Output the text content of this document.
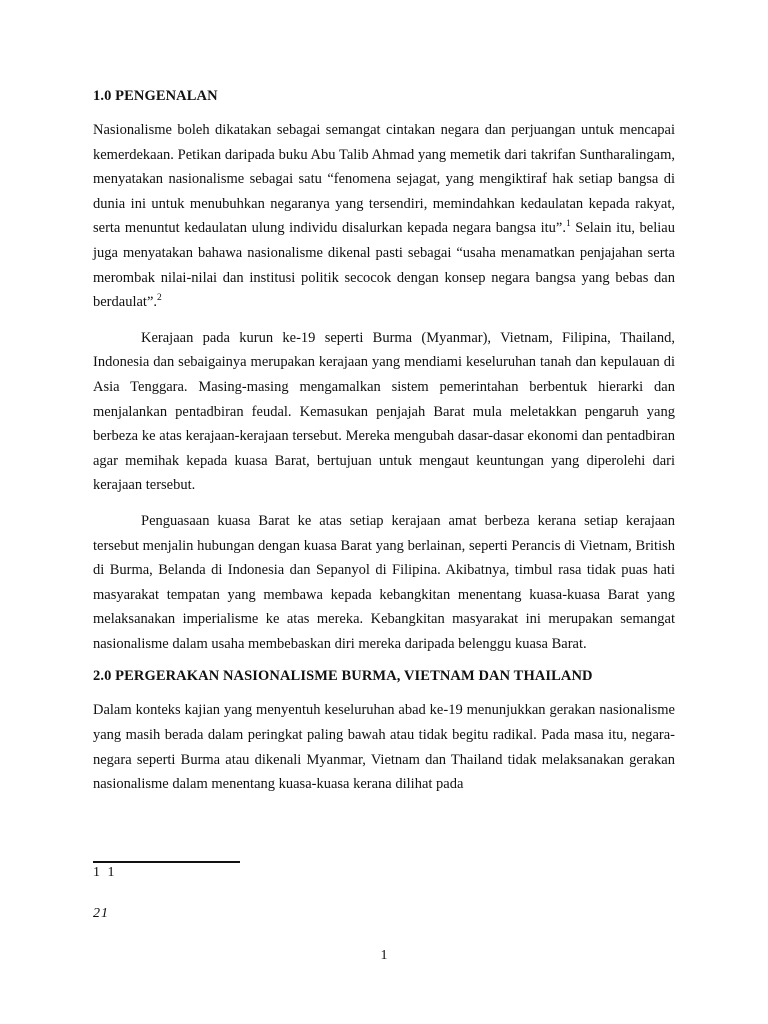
1.0 PENGENALAN

Nasionalisme boleh dikatakan sebagai semangat cintakan negara dan perjuangan untuk mencapai kemerdekaan. Petikan daripada buku Abu Talib Ahmad yang memetik dari takrifan Suntharalingam, menyatakan nasionalisme sebagai satu “fenomena sejagat, yang mengiktiraf hak setiap bangsa di dunia ini untuk menubuhkan negaranya yang tersendiri, memindahkan kedaulatan kepada rakyat, serta menuntut kedaulatan ulung individu disalurkan kepada negara bangsa itu”.$^1$ Selain itu, beliau juga menyatakan bahawa nasionalisme dikenal pasti sebagai “usaha menamatkan penjajahan serta merombak nilai-nilai dan institusi politik secocok dengan konsep negara bangsa yang bebas dan berdaulat”.$^2$

Kerajaan pada kurun ke-19 seperti Burma (Myanmar), Vietnam, Filipina, Thailand, Indonesia dan sebaigainya merupakan kerajaan yang mendiami keseluruhan tanah dan kepulauan di Asia Tenggara. Masing-masing mengamalkan sistem pemerintahan berbentuk hierarki dan menjalankan pentadbiran feudal. Kemasukan penjajah Barat mula meletakkan pengaruh yang berbeza ke atas kerajaan-kerajaan tersebut. Mereka mengubah dasar-dasar ekonomi dan pentadbiran agar memihak kepada kuasa Barat, bertujuan untuk mengaut keuntungan yang diperolehi dari kerajaan tersebut.

Penguasaan kuasa Barat ke atas setiap kerajaan amat berbeza kerana setiap kerajaan tersebut menjalin hubungan dengan kuasa Barat yang berlainan, seperti Perancis di Vietnam, British di Burma, Belanda di Indonesia dan Sepanyol di Filipina. Akibatnya, timbul rasa tidak puas hati masyarakat tempatan yang membawa kepada kebangkitan menentang kuasa-kuasa Barat yang melaksanakan imperialisme ke atas mereka. Kebangkitan masyarakat ini merupakan semangat nasionalisme dalam usaha membebaskan diri mereka daripada belenggu kuasa Barat.

2.0 PERGERAKAN NASIONALISME BURMA, VIETNAM DAN THAILAND

Dalam konteks kajian yang menyentuh keseluruhan abad ke-19 menunjukkan gerakan nasionalisme yang masih berada dalam peringkat paling bawah atau tidak begitu radikal. Pada masa itu, negara-negara seperti Burma atau dikenali Myanmar, Vietnam dan Thailand tidak melaksanakan gerakan nasionalisme dalam menentang kuasa-kuasa kerana dilihat pada

1 1
21
1
